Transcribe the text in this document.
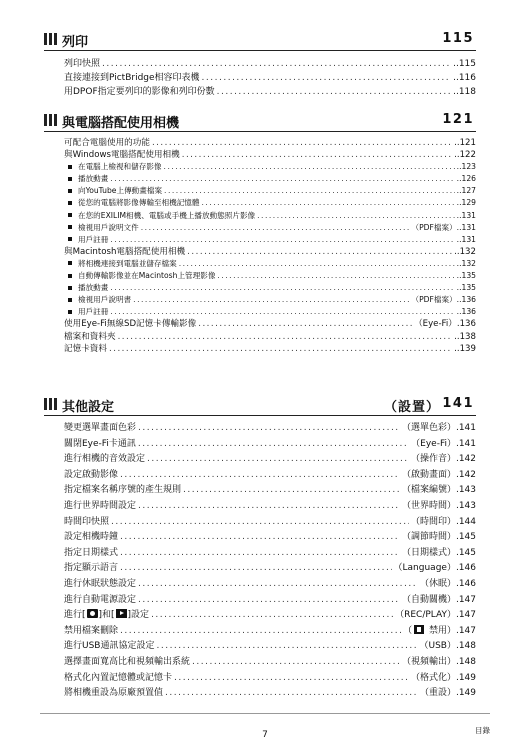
列印	115
列印快照 .....	..115
直接連接到PictBridge相容印表機 .....	..116
用DPOF指定要列印的影像和列印份數 .....	..118
與電腦搭配使用相機	121
可配合電腦使用的功能 .....	..121
與Windows電腦搭配使用相機 .....	..122
在電腦上檢視和儲存影像 .....	..123
播放動畫 .....	..126
向YouTube上傳動畫檔案 .....	..127
從您的電腦將影像傳輸至相機記憶體 .....	..129
在您的EXILIM相機、電腦或手機上播放動態照片影像 .....	..131
檢視用戶說明文件 .....	（PDF檔案）..131
用戶註冊 .....	..131
與Macintosh電腦搭配使用相機 .....	..132
將相機連接到電腦並儲存檔案 .....	..132
自動傳輸影像並在Macintosh上管理影像 .....	..135
播放動畫 .....	..135
檢視用戶說明書 .....	（PDF檔案）..136
用戶註冊 .....	..136
使用Eye-Fi無線SD記憶卡傳輸影像 .....	（Eye-Fi）.136
檔案和資料夾 .....	..138
記憶卡資料 .....	..139
其他設定	（設置） 141
變更選單畫面色彩 .....	（選單色彩）.141
關閉Eye-Fi卡通訊 .....	（Eye-Fi）.141
進行相機的音效設定 .....	（操作音）.142
設定啟動影像 .....	（啟動畫面）.142
指定檔案名稱序號的產生規則 .....	（檔案編號）.143
進行世界時間設定 .....	（世界時間）.143
時間印快照 .....	（時間印）.144
設定相機時鐘 .....	（調節時間）.145
指定日期樣式 .....	（日期樣式）.145
指定顯示語言 .....	（Language）.146
進行休眠狀態設定 .....	（休眠）.146
進行自動電源設定 .....	（自動關機）.147
進行[ ]和[ ]設定 .....	（REC/PLAY）.147
禁用檔案刪除 .....	（ 禁用）.147
進行USB通訊協定設定 .....	（USB）.148
選擇畫面寬高比和視頻輸出系統 .....	（視頻輸出）.148
格式化內置記憶體或記憶卡 .....	（格式化）.149
將相機重設為原廠預置值 .....	（重設）.149
7	目錄
